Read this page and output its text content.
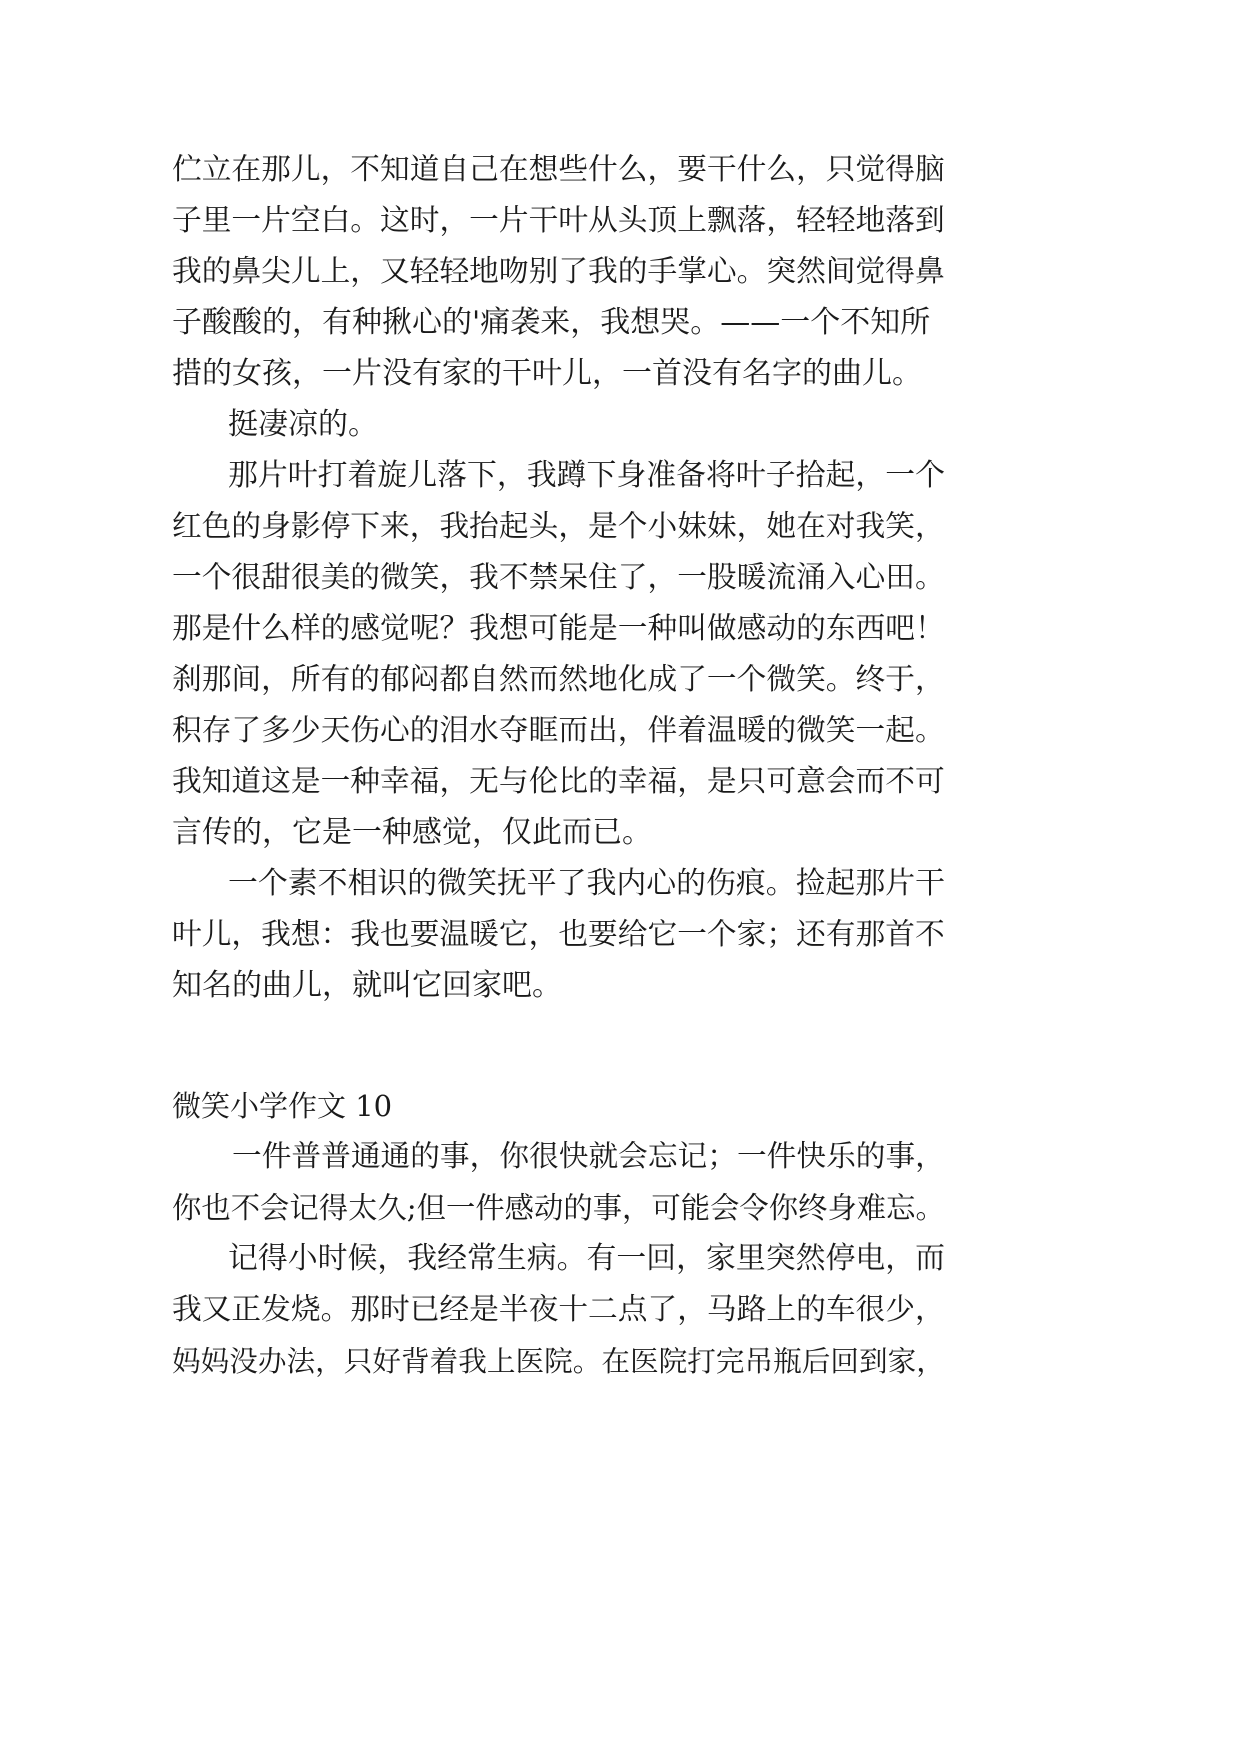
伫立在那儿，不知道自己在想些什么，要干什么，只觉得脑
子里一片空白。这时，一片干叶从头顶上飘落，轻轻地落到
我的鼻尖儿上，又轻轻地吻别了我的手掌心。突然间觉得鼻
子酸酸的，有种揪心的'痛袭来，我想哭。——一个不知所
措的女孩，一片没有家的干叶儿，一首没有名字的曲儿。
挺凄凉的。
那片叶打着旋儿落下，我蹲下身准备将叶子拾起，一个
红色的身影停下来，我抬起头，是个小妹妹，她在对我笑，
一个很甜很美的微笑，我不禁呆住了，一股暖流涌入心田。
那是什么样的感觉呢？我想可能是一种叫做感动的东西吧！
刹那间，所有的郁闷都自然而然地化成了一个微笑。终于，
积存了多少天伤心的泪水夺眶而出，伴着温暖的微笑一起。
我知道这是一种幸福，无与伦比的幸福，是只可意会而不可
言传的，它是一种感觉，仅此而已。
一个素不相识的微笑抚平了我内心的伤痕。捡起那片干
叶儿，我想：我也要温暖它，也要给它一个家；还有那首不
知名的曲儿，就叫它回家吧。
微笑小学作文 10
一件普普通通的事，你很快就会忘记；一件快乐的事，
你也不会记得太久;但一件感动的事，可能会令你终身难忘。
记得小时候，我经常生病。有一回，家里突然停电，而
我又正发烧。那时已经是半夜十二点了，马路上的车很少，
妈妈没办法，只好背着我上医院。在医院打完吊瓶后回到家，
